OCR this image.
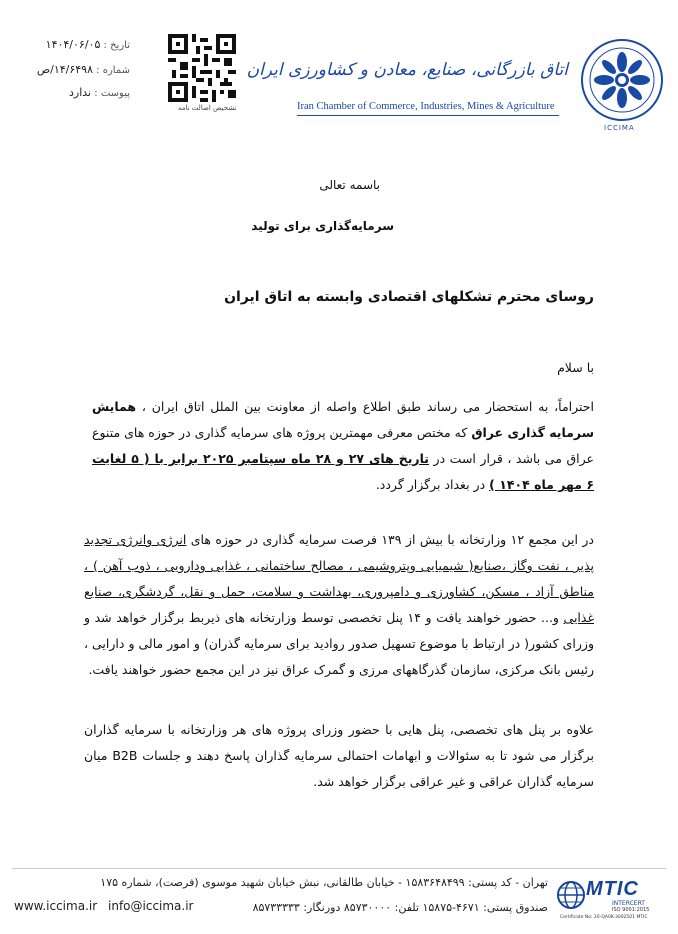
ICCIMA
اتاق بازرگانی، صنایع، معادن و کشاورزی ایران
Iran Chamber of Commerce, Industries, Mines & Agriculture
تشخیص اصالت نامه
تاریخ : ۱۴۰۴/۰۶/۰۵
شماره : ۱۴/۶۴۹۸/ص
پیوست : ندارد
باسمه تعالی
سرمایه‌گذاری برای تولید
روسای محترم تشکلهای اقتصادی وابسته به اتاق ایران
با سلام
احتراماً، به استحضار می رساند طبق اطلاع واصله از معاونت بین الملل اتاق ایران ، همایش سرمایه گذاری عراق که مختص معرفی مهمترین پروژه های سرمایه گذاری در حوزه های متنوع عراق می باشد ، قرار است در تاریخ های ۲۷ و ۲۸ ماه سپتامبر ۲۰۲۵ برابر با ( ۵ لغایت ۶ مهر ماه ۱۴۰۴ ) در بغداد برگزار گردد.
در این مجمع ۱۲ وزارتخانه با بیش از ۱۳۹ فرصت سرمایه گذاری در حوزه های انرژی وانرژی تجدید پذیر ، نفت وگاز ،صنایع( شیمیایی وپتروشیمی ، مصالح ساختمانی ، غذایی ودارویی ، ذوب آهن ) ، مناطق آزاد ، مسکن، کشاورزی و دامپروری، بهداشت و سلامت، حمل و نقل، گردشگری، صنایع غذایی و... حضور خواهند یافت و ۱۴ پنل تخصصی توسط وزارتخانه های ذیربط برگزار خواهد شد و وزرای کشور( در ارتباط با موضوع تسهیل صدور روادید برای سرمایه گذران) و امور مالی و دارایی ، رئیس بانک مرکزی، سازمان گذرگاههای مرزی و گمرک عراق نیز در این مجمع حضور خواهند یافت.
علاوه بر پنل های تخصصی، پنل هایی با حضور وزرای پروژه های هر وزارتخانه با سرمایه گذاران برگزار می شود تا به سئوالات و ابهامات احتمالی سرمایه گذاران پاسخ دهند و جلسات B2B میان سرمایه گذاران عراقی و غیر عراقی برگزار خواهد شد.
تهران - کد پستی: ۱۵۸۳۶۴۸۴۹۹ - خیابان طالقانی، نبش خیابان شهید موسوی (فرصت)، شماره ۱۷۵
صندوق پستی: ۴۶۷۱-۱۵۸۷۵ تلفن: ۸۵۷۳۰۰۰۰ دورنگار: ۸۵۷۳۳۳۳۳
info@iccima.ir
www.iccima.ir
MTIC
INTERCERT
ISO 9001:2015
Certificate No: 20-QA0K-3002501 MTIC
